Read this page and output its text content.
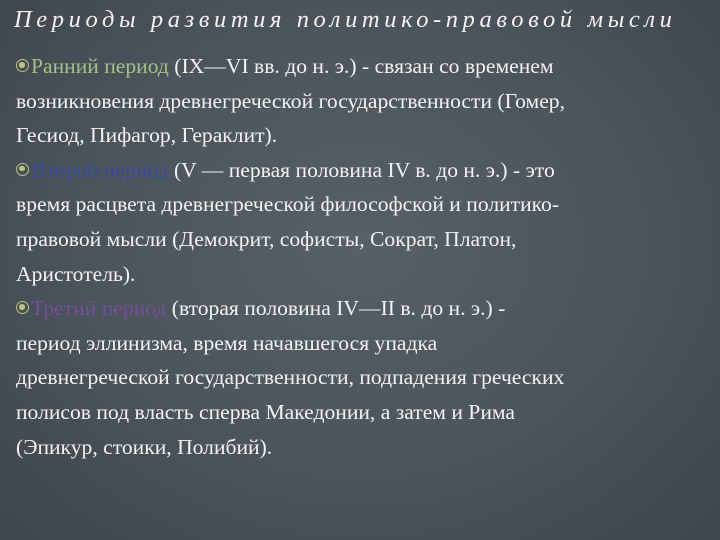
Периоды развития политико-правовой мысли
Ранний период (IX—VI вв. до н. э.) - связан со временем
возникновения древнегреческой государственности (Гомер,
Гесиод, Пифагор, Гераклит).
Второй период (V — первая половина IV в. до н. э.) - это
время расцвета древнегреческой философской и политико-
правовой мысли (Демокрит, софисты, Сократ, Платон,
Аристотель).
Третий период (вторая половина IV—II в. до н. э.) -
период эллинизма, время начавшегося упадка
древнегреческой государственности, подпадения греческих
полисов под власть сперва Македонии, а затем и Рима
(Эпикур, стоики, Полибий).
